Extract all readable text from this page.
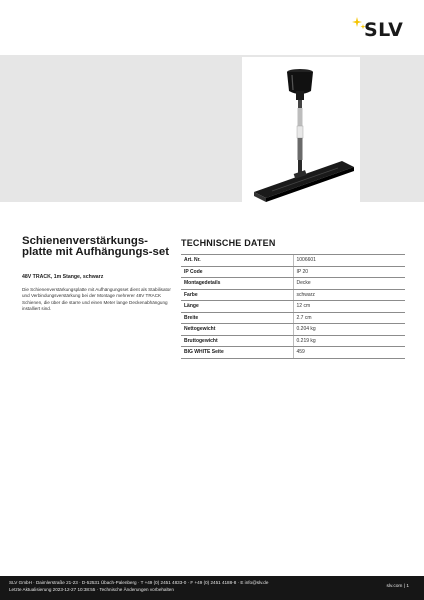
SLV
Schienenverstärkungs-platte mit Aufhängungs-set
48V TRACK, 1m Stange, schwarz
Die Schienenverstärkungsplatte mit Aufhängungsset dient als Stabilisator und Verbindungsverstärkung bei der Montage mehrerer 48V TRACK Schienen, die über die starre und einen Meter lange Deckenabhängung installiert sind.
TECHNISCHE DATEN
Art. Nr.	1006601
IP Code	IP 20
Montagedetails	Decke
Farbe	schwarz
Länge	12 cm
Breite	2.7 cm
Nettogewicht	0.204 kg
Bruttogewicht	0.219 kg
BIG WHITE Seite	459
SLV GmbH · Daimlerstraße 21-23 · D-52531 Übach-Palenberg · T +49 (0) 2451 4833-0 · F +49 (0) 2451 4188-8 · E info@slv.de
Letzte Aktualisierung 2023-12-27 10:38:55 · Technische Änderungen vorbehalten
slv.com | 1
